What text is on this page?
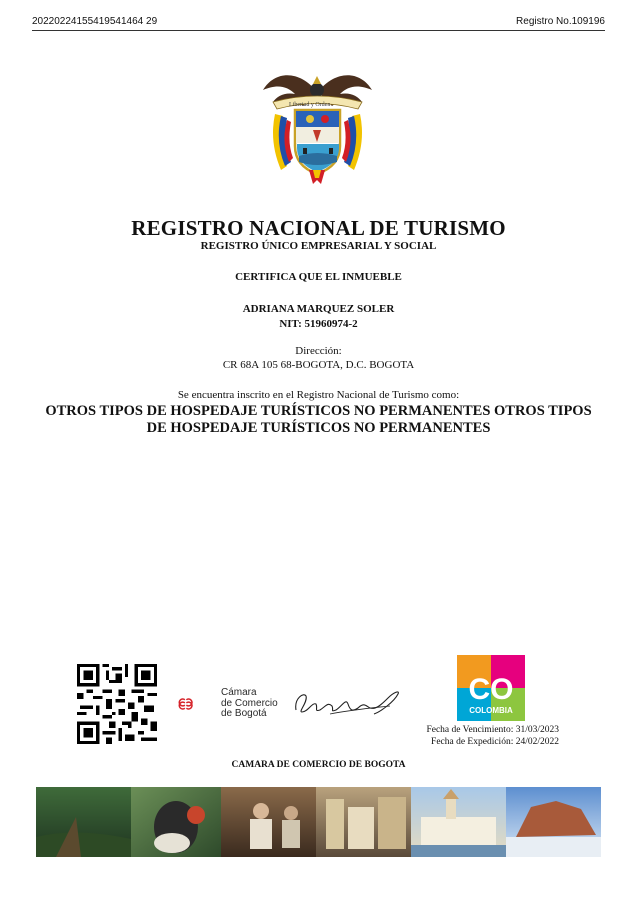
20220224155419541464 29	Registro No.109196
Libertad y Orden
REGISTRO NACIONAL DE TURISMO
REGISTRO ÚNICO EMPRESARIAL Y SOCIAL
CERTIFICA QUE EL INMUEBLE
ADRIANA MARQUEZ SOLER
NIT: 51960974-2
Dirección:
CR 68A 105 68-BOGOTA, D.C. BOGOTA
Se encuentra inscrito en el Registro Nacional de Turismo como:
OTROS TIPOS DE HOSPEDAJE TURÍSTICOS NO PERMANENTES OTROS TIPOS DE HOSPEDAJE TURÍSTICOS NO PERMANENTES
Cámara
de Comercio
de Bogotá
CO
COLOMBIA
Fecha de Vencimiento: 31/03/2023
Fecha de Expedición: 24/02/2022
CAMARA DE COMERCIO DE BOGOTA
